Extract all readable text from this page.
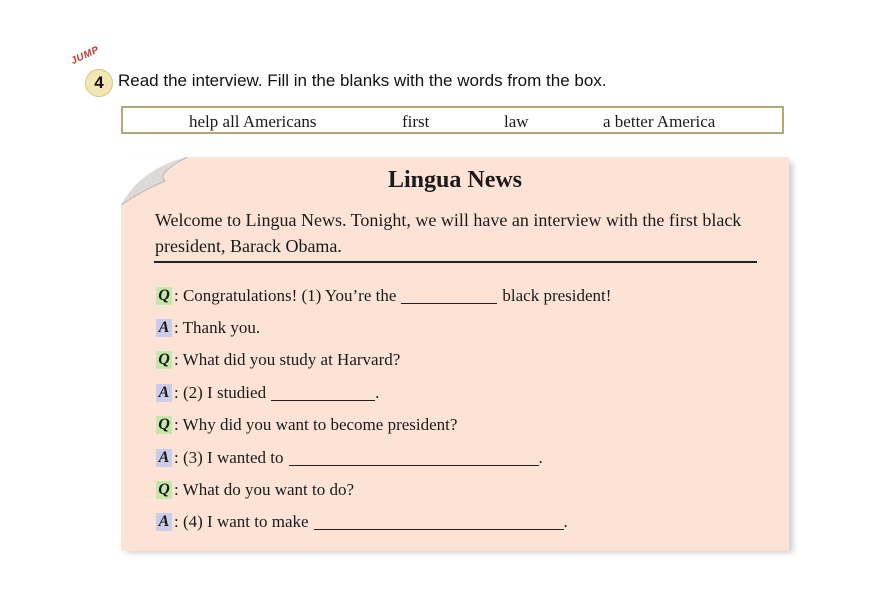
JUMP
4 Read the interview. Fill in the blanks with the words from the box.
help all Americans	first	law	a better America
Lingua News
Welcome to Lingua News. Tonight, we will have an interview with the first black president, Barack Obama.
Q : Congratulations! (1) You’re the	black president!
A : Thank you.
Q : What did you study at Harvard?
A : (2) I studied	.
Q : Why did you want to become president?
A : (3) I wanted to	.
Q : What do you want to do?
A : (4) I want to make	.
